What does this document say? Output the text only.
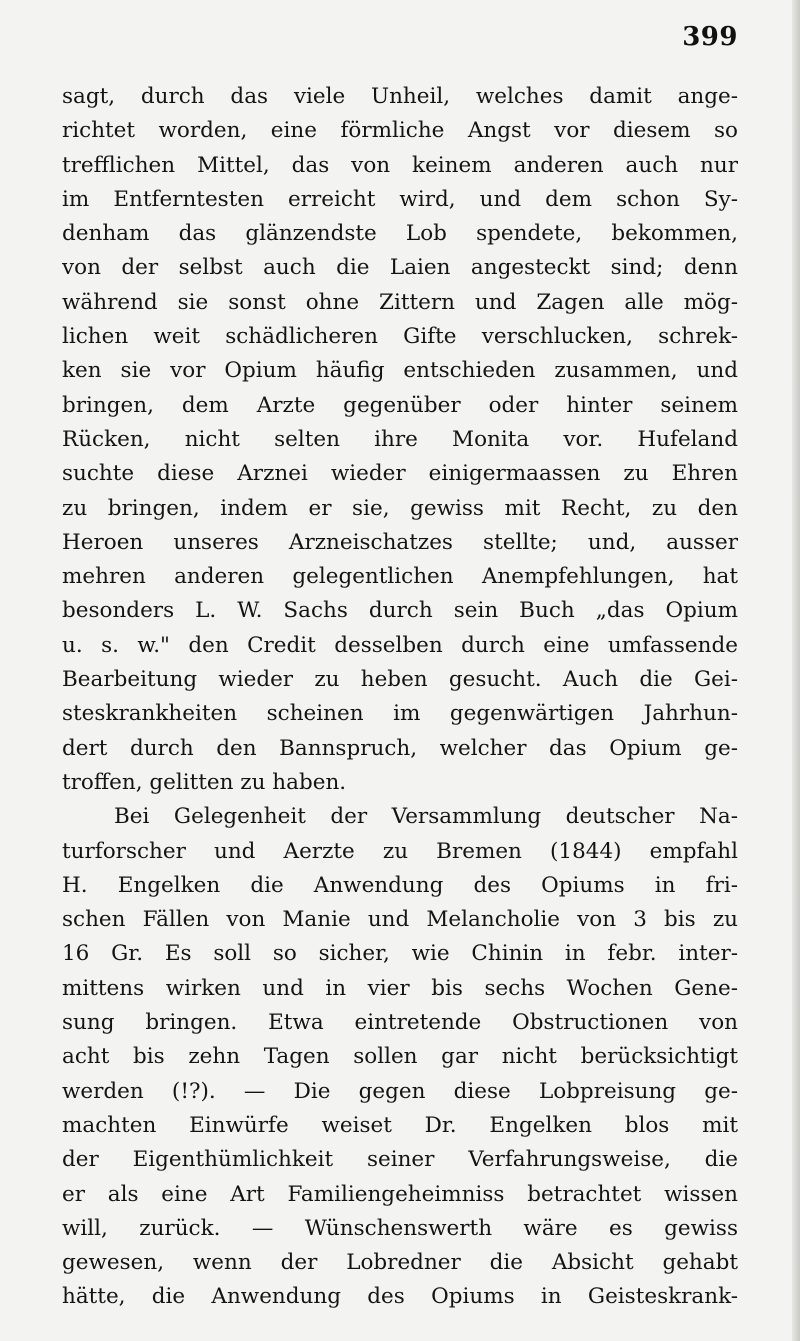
399
sagt, durch das viele Unheil, welches damit ange-
richtet worden, eine förmliche Angst vor diesem so
trefflichen Mittel, das von keinem anderen auch nur
im Entferntesten erreicht wird, und dem schon Sy-
denham das glänzendste Lob spendete, bekommen,
von der selbst auch die Laien angesteckt sind; denn
während sie sonst ohne Zittern und Zagen alle mög-
lichen weit schädlicheren Gifte verschlucken, schrek-
ken sie vor Opium häufig entschieden zusammen, und
bringen, dem Arzte gegenüber oder hinter seinem
Rücken, nicht selten ihre Monita vor. Hufeland
suchte diese Arznei wieder einigermaassen zu Ehren
zu bringen, indem er sie, gewiss mit Recht, zu den
Heroen unseres Arzneischatzes stellte; und, ausser
mehren anderen gelegentlichen Anempfehlungen, hat
besonders L. W. Sachs durch sein Buch „das Opium
u. s. w." den Credit desselben durch eine umfassende
Bearbeitung wieder zu heben gesucht. Auch die Gei-
steskrankheiten scheinen im gegenwärtigen Jahrhun-
dert durch den Bannspruch, welcher das Opium ge-
troffen, gelitten zu haben.
Bei Gelegenheit der Versammlung deutscher Na-
turforscher und Aerzte zu Bremen (1844) empfahl
H. Engelken die Anwendung des Opiums in fri-
schen Fällen von Manie und Melancholie von 3 bis zu
16 Gr. Es soll so sicher, wie Chinin in febr. inter-
mittens wirken und in vier bis sechs Wochen Gene-
sung bringen. Etwa eintretende Obstructionen von
acht bis zehn Tagen sollen gar nicht berücksichtigt
werden (!?). — Die gegen diese Lobpreisung ge-
machten Einwürfe weiset Dr. Engelken blos mit
der Eigenthümlichkeit seiner Verfahrungsweise, die
er als eine Art Familiengeheimniss betrachtet wissen
will, zurück. — Wünschenswerth wäre es gewiss
gewesen, wenn der Lobredner die Absicht gehabt
hätte, die Anwendung des Opiums in Geisteskrank-
